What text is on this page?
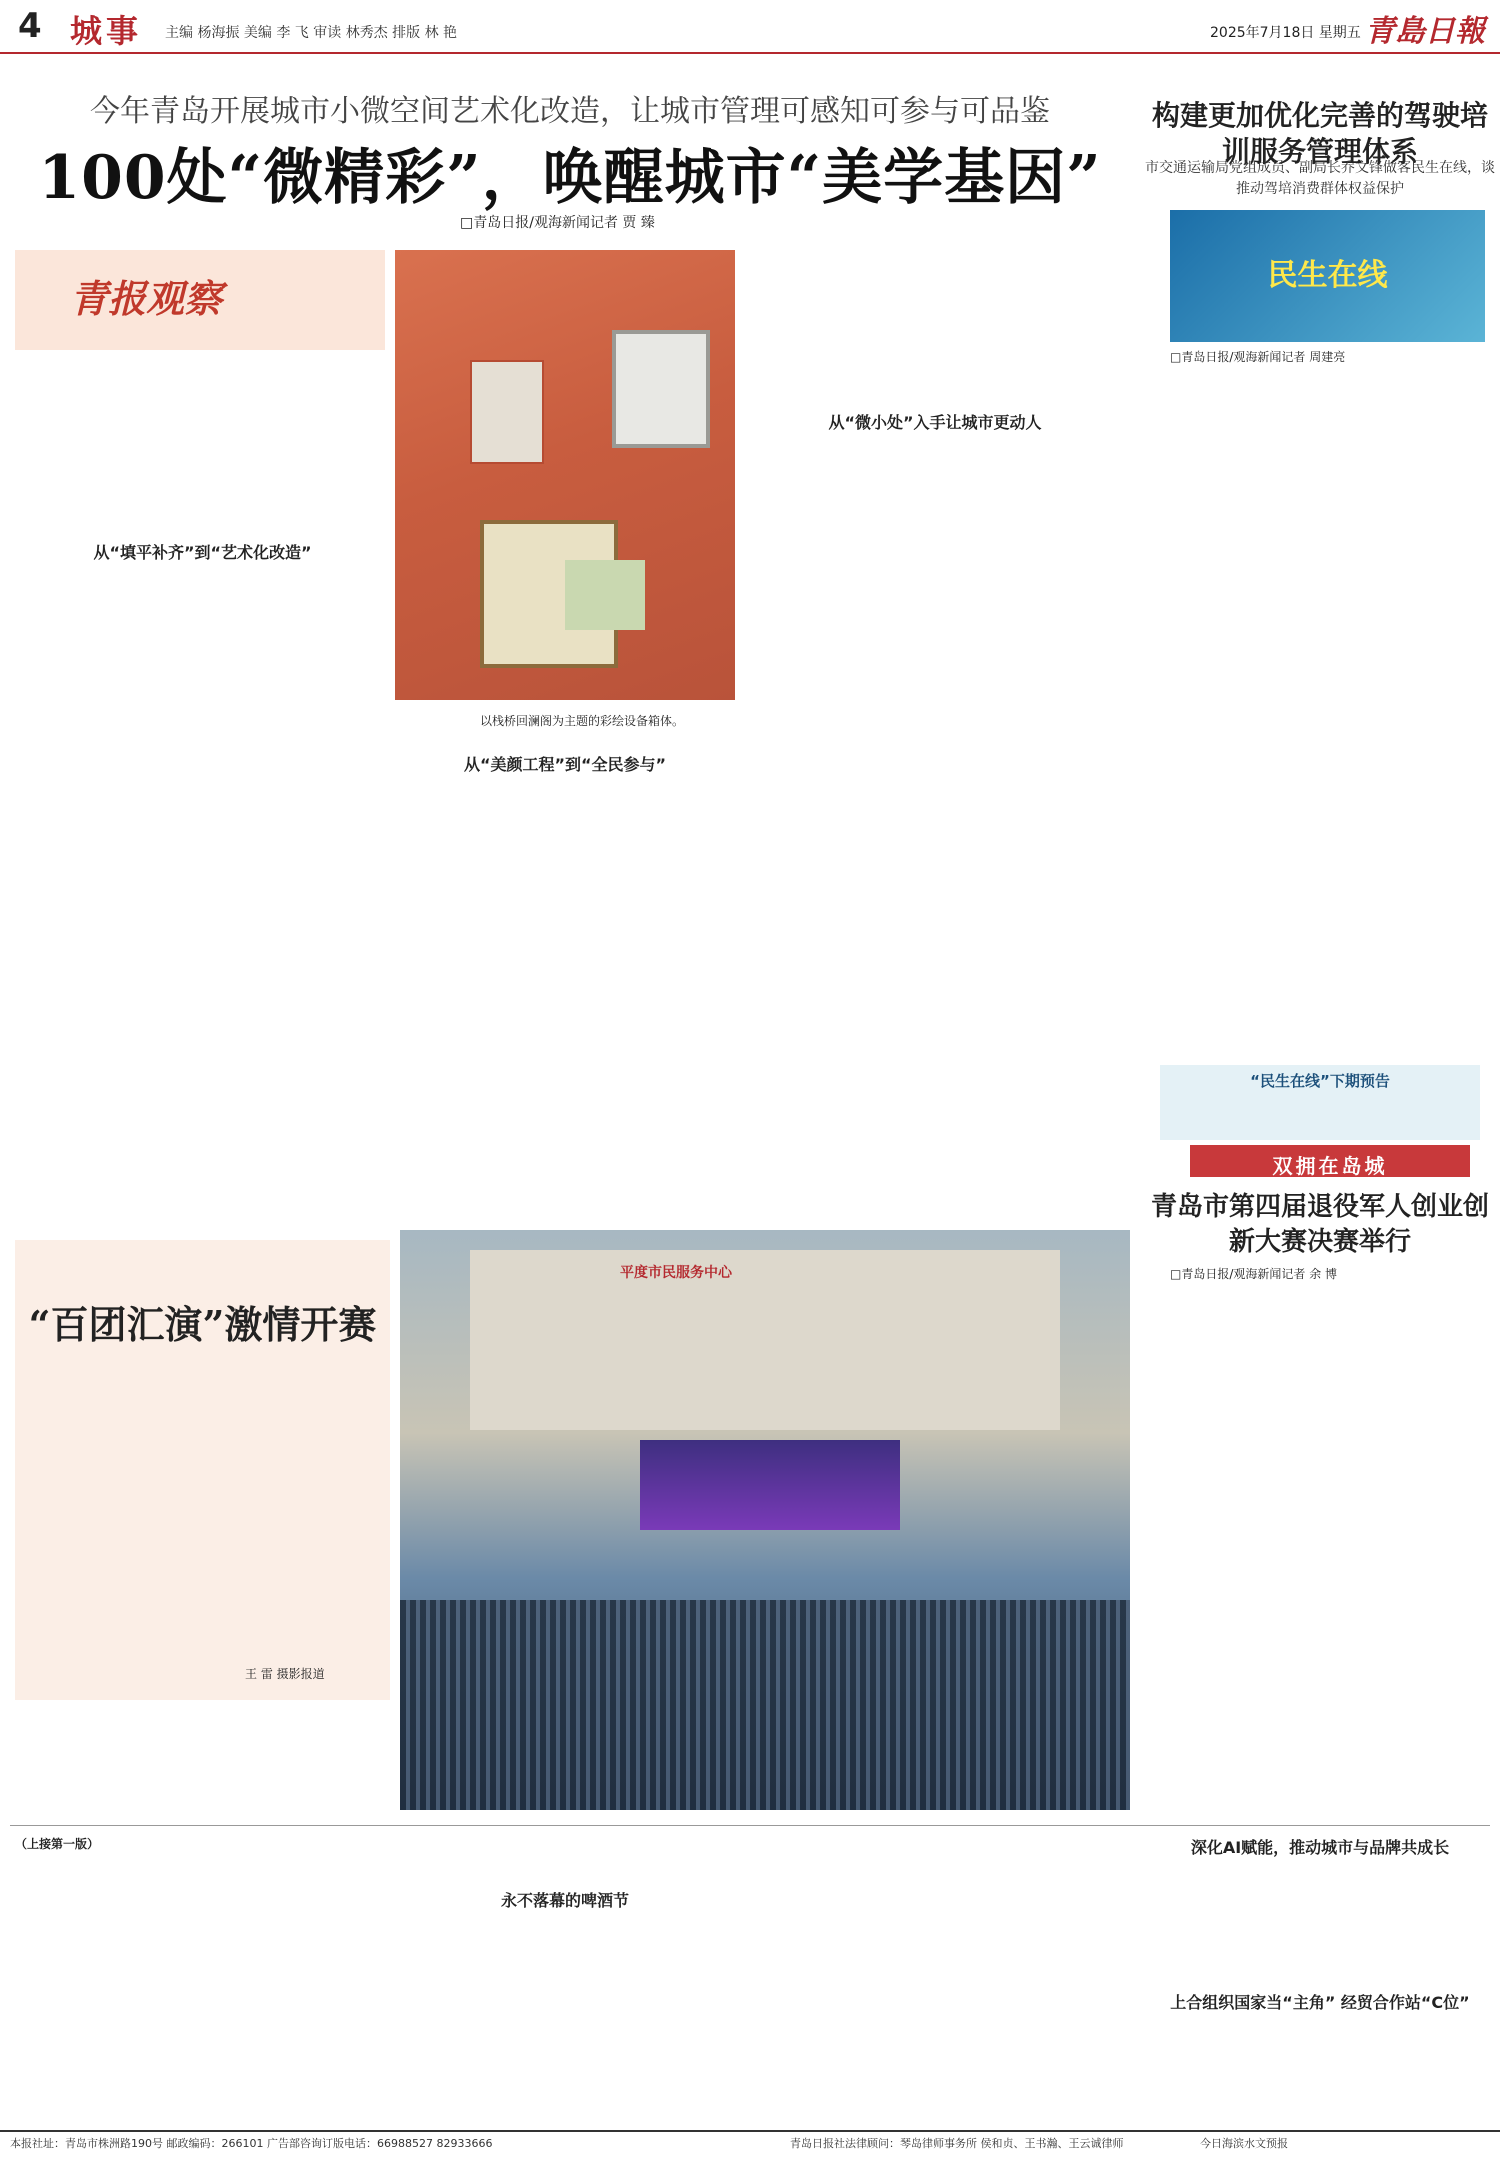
4 城事 主编 杨海振 美编 李 飞 审读 林秀杰 排版 林 艳	2025年7月18日 星期五 青島日報
今年青岛开展城市小微空间艺术化改造，让城市管理可感知可参与可品鉴
100处“微精彩”，唤醒城市“美学基因”
□青岛日报/观海新闻记者 贾 臻
青报观察
从“填平补齐”到“艺术化改造”
从“微小处”入手让城市更动人
从“美颜工程”到“全民参与”
以栈桥回澜阁为主题的彩绘设备箱体。
构建更加优化完善的驾驶培训服务管理体系
市交通运输局党组成员、副局长乔文锋做客民生在线，谈推动驾培消费群体权益保护
民生在线
□青岛日报/观海新闻记者 周建亮
“民生在线”下期预告
双拥在岛城
青岛市第四届退役军人创业创新大赛决赛举行
□青岛日报/观海新闻记者 余 博
“百团汇演”激情开赛
王 雷 摄影报道
平度市民服务中心
（上接第一版）
永不落幕的啤酒节
深化AI赋能，推动城市与品牌共成长
上合组织国家当“主角” 经贸合作站“C位”
本报社址：青岛市株洲路190号 邮政编码：266101 广告部咨询订版电话：66988527 82933666	青岛日报社法律顾问：琴岛律师事务所 侯和贞、王书瀚、王云诚律师	今日海滨水文预报
